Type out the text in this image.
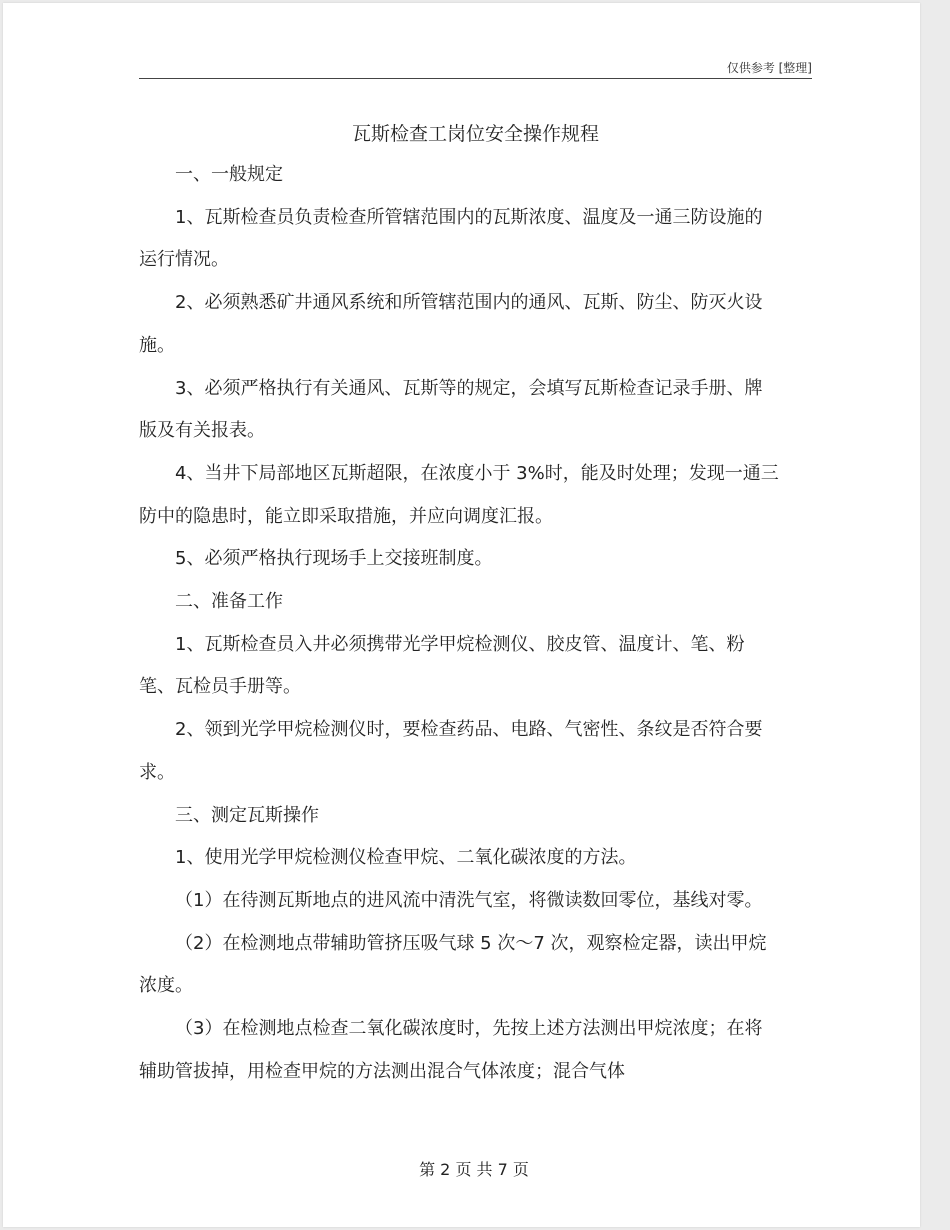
仅供参考 [整理]
瓦斯检查工岗位安全操作规程

一、一般规定

1、瓦斯检查员负责检查所管辖范围内的瓦斯浓度、温度及一通三防设施的运行情况。

2、必须熟悉矿井通风系统和所管辖范围内的通风、瓦斯、防尘、防灭火设施。

3、必须严格执行有关通风、瓦斯等的规定，会填写瓦斯检查记录手册、牌版及有关报表。

4、当井下局部地区瓦斯超限，在浓度小于 3%时，能及时处理；发现一通三防中的隐患时，能立即采取措施，并应向调度汇报。

5、必须严格执行现场手上交接班制度。

二、准备工作

1、瓦斯检查员入井必须携带光学甲烷检测仪、胶皮管、温度计、笔、粉笔、瓦检员手册等。

2、领到光学甲烷检测仪时，要检查药品、电路、气密性、条纹是否符合要求。

三、测定瓦斯操作

1、使用光学甲烷检测仪检查甲烷、二氧化碳浓度的方法。

（1）在待测瓦斯地点的进风流中清洗气室，将微读数回零位，基线对零。

（2）在检测地点带辅助管挤压吸气球 5 次～7 次，观察检定器，读出甲烷浓度。

（3）在检测地点检查二氧化碳浓度时，先按上述方法测出甲烷浓度；在将辅助管拔掉，用检查甲烷的方法测出混合气体浓度；混合气体

第 2 页 共 7 页
